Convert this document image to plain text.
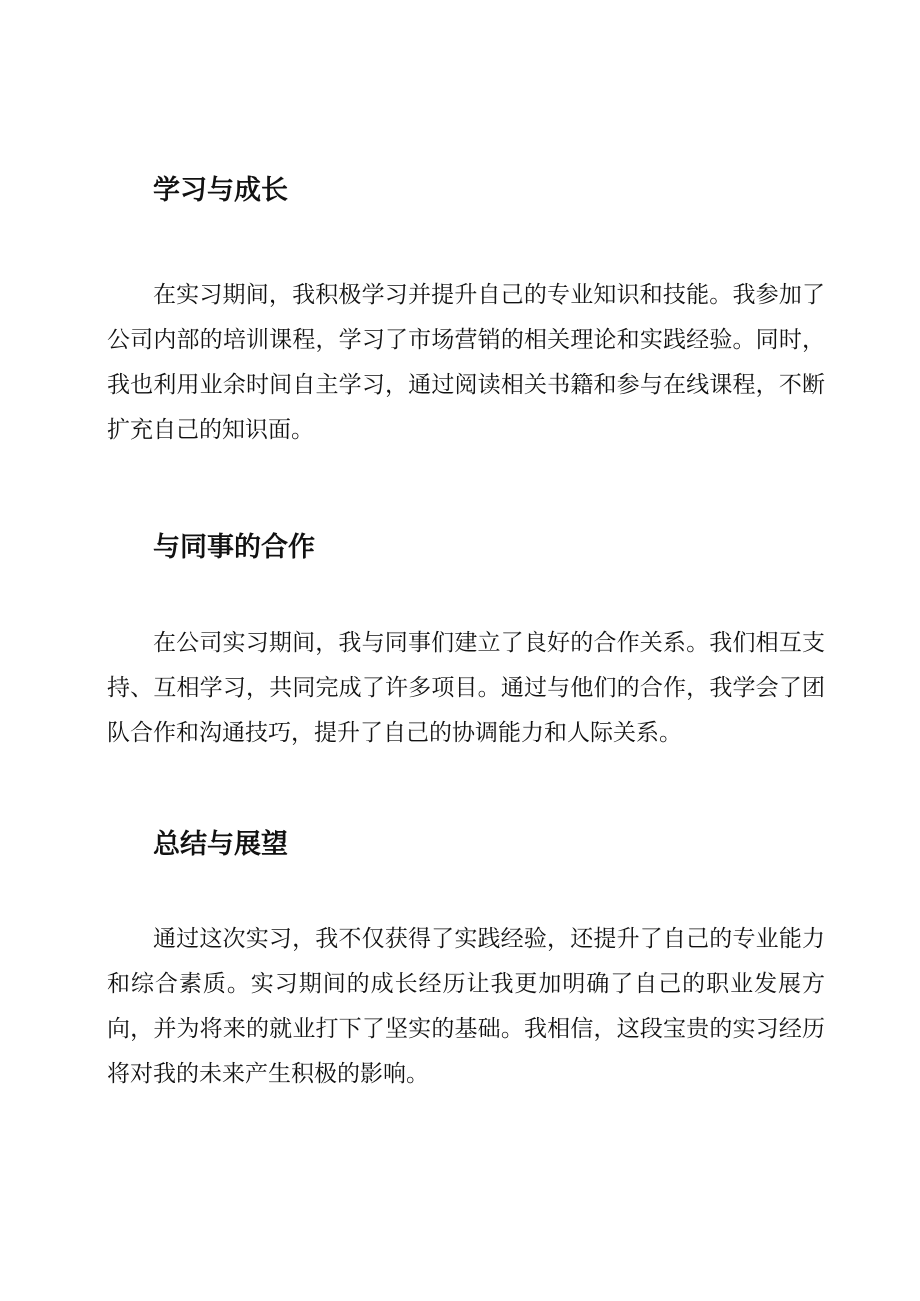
学习与成长

在实习期间，我积极学习并提升自己的专业知识和技能。我参加了公司内部的培训课程，学习了市场营销的相关理论和实践经验。同时，我也利用业余时间自主学习，通过阅读相关书籍和参与在线课程，不断扩充自己的知识面。

与同事的合作

在公司实习期间，我与同事们建立了良好的合作关系。我们相互支持、互相学习，共同完成了许多项目。通过与他们的合作，我学会了团队合作和沟通技巧，提升了自己的协调能力和人际关系。

总结与展望

通过这次实习，我不仅获得了实践经验，还提升了自己的专业能力和综合素质。实习期间的成长经历让我更加明确了自己的职业发展方向，并为将来的就业打下了坚实的基础。我相信，这段宝贵的实习经历将对我的未来产生积极的影响。
